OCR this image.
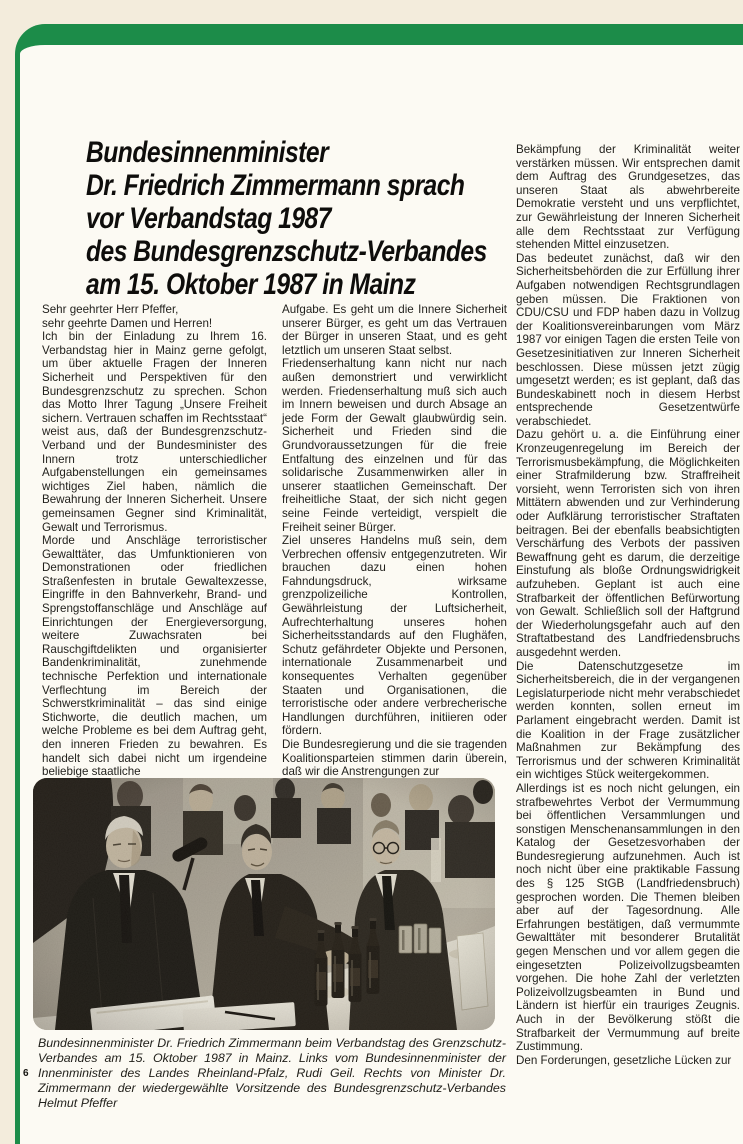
Bundesinnenminister

Dr. Friedrich Zimmermann sprach

vor Verbandstag 1987

des Bundesgrenzschutz-Verbandes

am 15. Oktober 1987 in Mainz

Sehr geehrter Herr Pfeffer,

sehr geehrte Damen und Herren!

Ich bin der Einladung zu Ihrem 16. Verbandstag hier in Mainz gerne gefolgt, um über aktuelle Fragen der Inneren Sicherheit und Perspektiven für den Bundesgrenzschutz zu sprechen. Schon das Motto Ihrer Tagung „Unsere Freiheit sichern. Vertrauen schaffen im Rechtsstaat“ weist aus, daß der Bundesgrenzschutz-Verband und der Bundesminister des Innern trotz unterschiedlicher Aufgabenstellungen ein gemeinsames wichtiges Ziel haben, nämlich die Bewahrung der Inneren Sicherheit. Unsere gemeinsamen Gegner sind Kriminalität, Gewalt und Terrorismus.

Morde und Anschläge terroristischer Gewalttäter, das Umfunktionieren von Demonstrationen oder friedlichen Straßenfesten in brutale Gewaltexzesse, Eingriffe in den Bahnverkehr, Brand- und Sprengstoffanschläge und Anschläge auf Einrichtungen der Energieversorgung, weitere Zuwachsraten bei Rauschgiftdelikten und organisierter Bandenkriminalität, zunehmende technische Perfektion und internationale Verflechtung im Bereich der Schwerstkriminalität – das sind einige Stichworte, die deutlich machen, um welche Probleme es bei dem Auftrag geht, den inneren Frieden zu bewahren. Es handelt sich dabei nicht um irgendeine beliebige staatliche

Aufgabe. Es geht um die Innere Sicherheit unserer Bürger, es geht um das Vertrauen der Bürger in unseren Staat, und es geht letztlich um unseren Staat selbst.

Friedenserhaltung kann nicht nur nach außen demonstriert und verwirklicht werden. Friedenserhaltung muß sich auch im Innern beweisen und durch Absage an jede Form der Gewalt glaubwürdig sein. Sicherheit und Frieden sind die Grundvoraussetzungen für die freie Entfaltung des einzelnen und für das solidarische Zusammenwirken aller in unserer staatlichen Gemeinschaft. Der freiheitliche Staat, der sich nicht gegen seine Feinde verteidigt, verspielt die Freiheit seiner Bürger.

Ziel unseres Handelns muß sein, dem Verbrechen offensiv entgegenzutreten. Wir brauchen dazu einen hohen Fahndungsdruck, wirksame grenzpolizeiliche Kontrollen, Gewährleistung der Luftsicherheit, Aufrechterhaltung unseres hohen Sicherheitsstandards auf den Flughäfen, Schutz gefährdeter Objekte und Personen, internationale Zusammenarbeit und konsequentes Verhalten gegenüber Staaten und Organisationen, die terroristische oder andere verbrecherische Handlungen durchführen, initiieren oder fördern.

Die Bundesregierung und die sie tragenden Koalitionsparteien stimmen darin überein, daß wir die Anstrengungen zur

Bekämpfung der Kriminalität weiter verstärken müssen. Wir entsprechen damit dem Auftrag des Grundgesetzes, das unseren Staat als abwehrbereite Demokratie versteht und uns verpflichtet, zur Gewährleistung der Inneren Sicherheit alle dem Rechtsstaat zur Verfügung stehenden Mittel einzusetzen.

Das bedeutet zunächst, daß wir den Sicherheitsbehörden die zur Erfüllung ihrer Aufgaben notwendigen Rechtsgrundlagen geben müssen. Die Fraktionen von CDU/CSU und FDP haben dazu in Vollzug der Koalitionsvereinbarungen vom März 1987 vor einigen Tagen die ersten Teile von Gesetzesinitiativen zur Inneren Sicherheit beschlossen. Diese müssen jetzt zügig umgesetzt werden; es ist geplant, daß das Bundeskabinett noch in diesem Herbst entsprechende Gesetzentwürfe verabschiedet.

Dazu gehört u. a. die Einführung einer Kronzeugenregelung im Bereich der Terrorismusbekämpfung, die Möglichkeiten einer Strafmilderung bzw. Straffreiheit vorsieht, wenn Terroristen sich von ihren Mittätern abwenden und zur Verhinderung oder Aufklärung terroristischer Straftaten beitragen. Bei der ebenfalls beabsichtigten Verschärfung des Verbots der passiven Bewaffnung geht es darum, die derzeitige Einstufung als bloße Ordnungswidrigkeit aufzuheben. Geplant ist auch eine Strafbarkeit der öffentlichen Befürwortung von Gewalt. Schließlich soll der Haftgrund der Wiederholungsgefahr auch auf den Straftatbestand des Landfriedensbruchs ausgedehnt werden.

Die Datenschutzgesetze im Sicherheitsbereich, die in der vergangenen Legislaturperiode nicht mehr verabschiedet werden konnten, sollen erneut im Parlament eingebracht werden. Damit ist die Koalition in der Frage zusätzlicher Maßnahmen zur Bekämpfung des Terrorismus und der schweren Kriminalität ein wichtiges Stück weitergekommen.

Allerdings ist es noch nicht gelungen, ein strafbewehrtes Verbot der Vermummung bei öffentlichen Versammlungen und sonstigen Menschenansammlungen in den Katalog der Gesetzesvorhaben der Bundesregierung aufzunehmen. Auch ist noch nicht über eine praktikable Fassung des § 125 StGB (Landfriedensbruch) gesprochen worden. Die Themen bleiben aber auf der Tagesordnung. Alle Erfahrungen bestätigen, daß vermummte Gewalttäter mit besonderer Brutalität gegen Menschen und vor allem gegen die eingesetzten Polizeivollzugsbeamten vorgehen. Die hohe Zahl der verletzten Polizeivollzugsbeamten in Bund und Ländern ist hierfür ein trauriges Zeugnis. Auch in der Bevölkerung stößt die Strafbarkeit der Vermummung auf breite Zustimmung.

Den Forderungen, gesetzliche Lücken zur

Bundesinnenminister Dr. Friedrich Zimmermann beim Verbandstag des Grenzschutz-Verbandes am 15. Oktober 1987 in Mainz. Links vom Bundesinnenminister der Innenminister des Landes Rheinland-Pfalz, Rudi Geil. Rechts von Minister Dr. Zimmermann der wiedergewählte Vorsitzende des Bundesgrenzschutz-Verbandes Helmut Pfeffer
6
